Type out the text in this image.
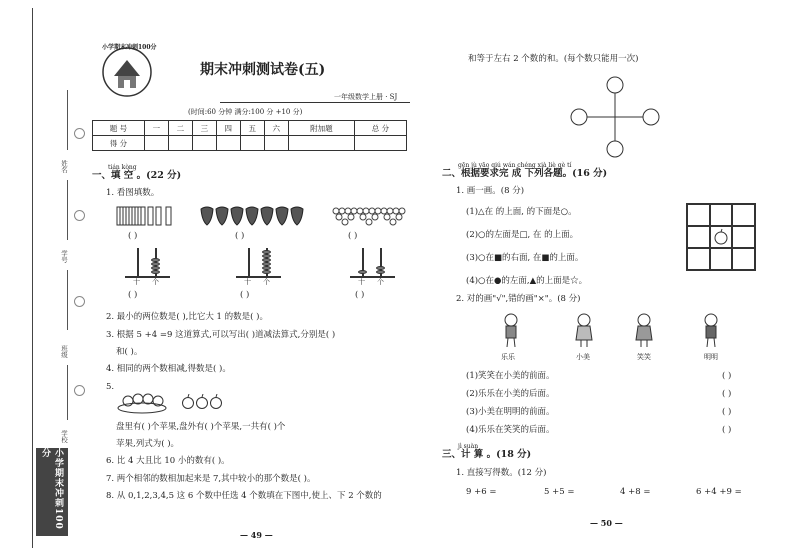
姓名
学号
班级
学校
小学期末冲刺100分
小学期末冲刺100分
期末冲刺测试卷(五)
一年级数学上册 · SJ
(时间:60 分钟 满分:100 分 +10 分)
题 号	一	二	三	四	五	六	附加题	总 分
得 分								
tián kòng
一、填 空 。(22 分)
1. 看图填数。
( )	( )	( )
十 个	十 个	十 个
( )	( )	( )
2. 最小的两位数是( ),比它大 1 的数是( )。
3. 根据 5 +4 =9 这道算式,可以写出( )道减法算式,分别是( )
和( )。
4. 相同的两个数相减,得数是( )。
5.
盘里有( )个苹果,盘外有( )个苹果,一共有( )个
苹果,列式为( )。
6. 比 4 大且比 10 小的数有( )。
7. 两个相邻的数相加起来是 7,其中较小的那个数是( )。
8. 从 0,1,2,3,4,5 这 6 个数中任选 4 个数填在下图中,使上、下 2 个数的
— 49 —
和等于左右 2 个数的和。(每个数只能用一次)
gēn jù yāo qiú wán chéng xià liè gè tí
二、根据要求完 成 下列各题。(16 分)
1. 画一画。(8 分)
(1)△在 的上面, 的下面是○。
(2)○的左面是□, 在 的上面。
(3)○在■的右面, 在■的上面。
(4)○在●的左面,▲的上面是☆。
2. 对的画"√",错的画"×"。(8 分)
乐乐	小美	笑笑	明明
(1)笑笑在小美的前面。	( )
(2)乐乐在小美的后面。	( )
(3)小美在明明的前面。	( )
(4)乐乐在笑笑的后面。	( )
jì suàn
三、计 算 。(18 分)
1. 直接写得数。(12 分)
9 +6 =	5 +5 =	4 +8 =	6 +4 +9 =
— 50 —
